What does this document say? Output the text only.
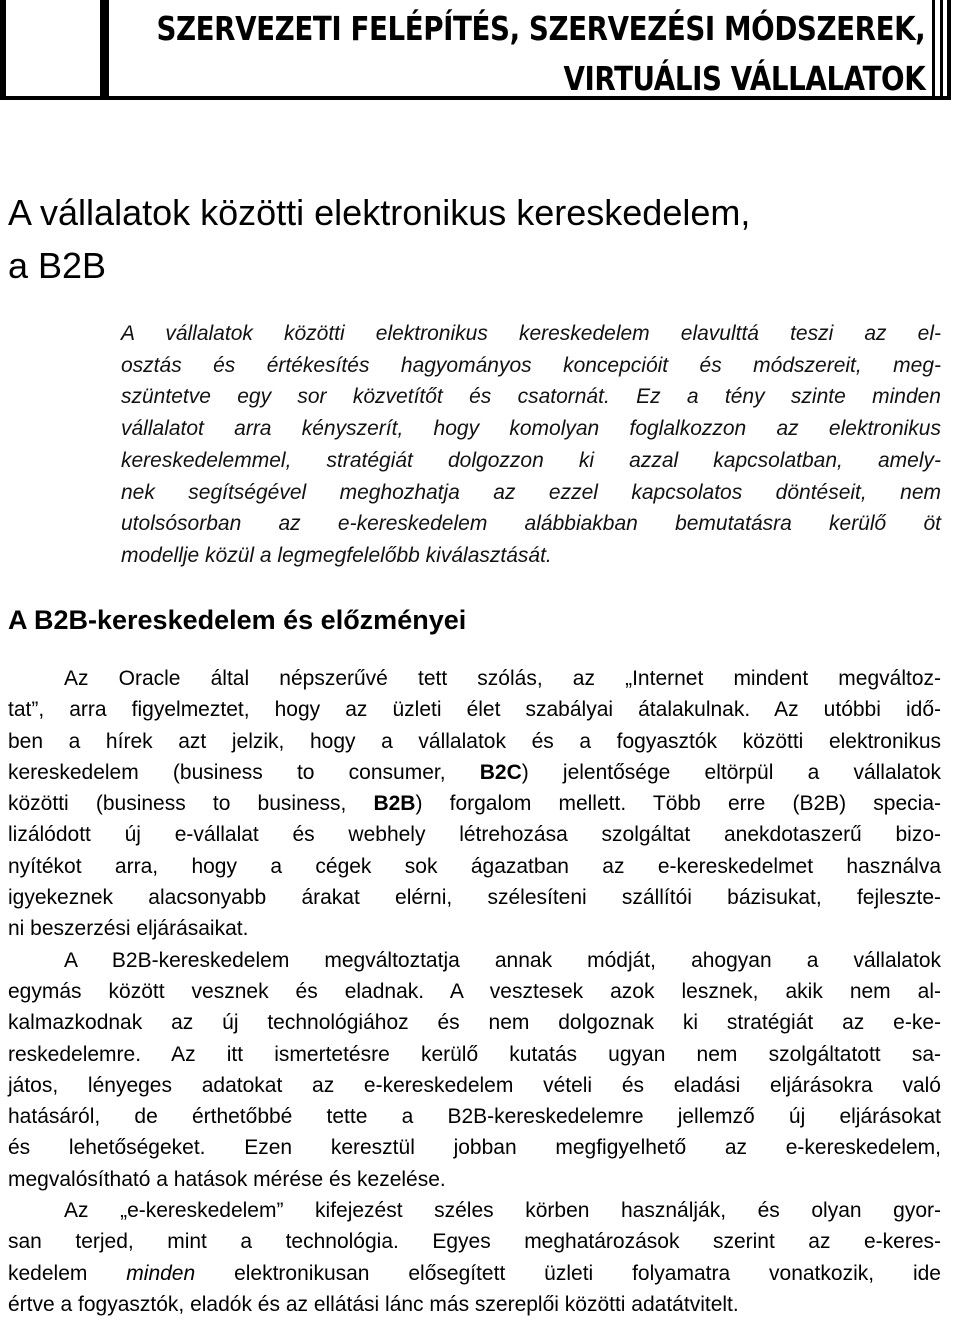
SZERVEZETI FELÉPÍTÉS, SZERVEZÉSI MÓDSZEREK,
VIRTUÁLIS VÁLLALATOK
A vállalatok közötti elektronikus kereskedelem,
a B2B

A vállalatok közötti elektronikus kereskedelem elavulttá teszi az el-
osztás és értékesítés hagyományos koncepcióit és módszereit, meg-
szüntetve egy sor közvetítőt és csatornát. Ez a tény szinte minden
vállalatot arra kényszerít, hogy komolyan foglalkozzon az elektronikus
kereskedelemmel, stratégiát dolgozzon ki azzal kapcsolatban, amely-
nek segítségével meghozhatja az ezzel kapcsolatos döntéseit, nem
utolsósorban az e-kereskedelem alábbiakban bemutatásra kerülő öt
modellje közül a legmegfelelőbb kiválasztását.

A B2B-kereskedelem és előzményei

Az Oracle által népszerűvé tett szólás, az „Internet mindent megváltoz-
tat”, arra figyelmeztet, hogy az üzleti élet szabályai átalakulnak. Az utóbbi idő-
ben a hírek azt jelzik, hogy a vállalatok és a fogyasztók közötti elektronikus
kereskedelem (business to consumer, B2C) jelentősége eltörpül a vállalatok
közötti (business to business, B2B) forgalom mellett. Több erre (B2B) specia-
lizálódott új e-vállalat és webhely létrehozása szolgáltat anekdotaszerű bizo-
nyítékot arra, hogy a cégek sok ágazatban az e-kereskedelmet használva
igyekeznek alacsonyabb árakat elérni, szélesíteni szállítói bázisukat, fejleszte-
ni beszerzési eljárásaikat.

A B2B-kereskedelem megváltoztatja annak módját, ahogyan a vállalatok
egymás között vesznek és eladnak. A vesztesek azok lesznek, akik nem al-
kalmazkodnak az új technológiához és nem dolgoznak ki stratégiát az e-ke-
reskedelemre. Az itt ismertetésre kerülő kutatás ugyan nem szolgáltatott sa-
játos, lényeges adatokat az e-kereskedelem vételi és eladási eljárásokra való
hatásáról, de érthetőbbé tette a B2B-kereskedelemre jellemző új eljárásokat
és lehetőségeket. Ezen keresztül jobban megfigyelhető az e-kereskedelem,
megvalósítható a hatások mérése és kezelése.

Az „e-kereskedelem” kifejezést széles körben használják, és olyan gyor-
san terjed, mint a technológia. Egyes meghatározások szerint az e-keres-
kedelem minden elektronikusan elősegített üzleti folyamatra vonatkozik, ide
értve a fogyasztók, eladók és az ellátási lánc más szereplői közötti adatátvitelt.
